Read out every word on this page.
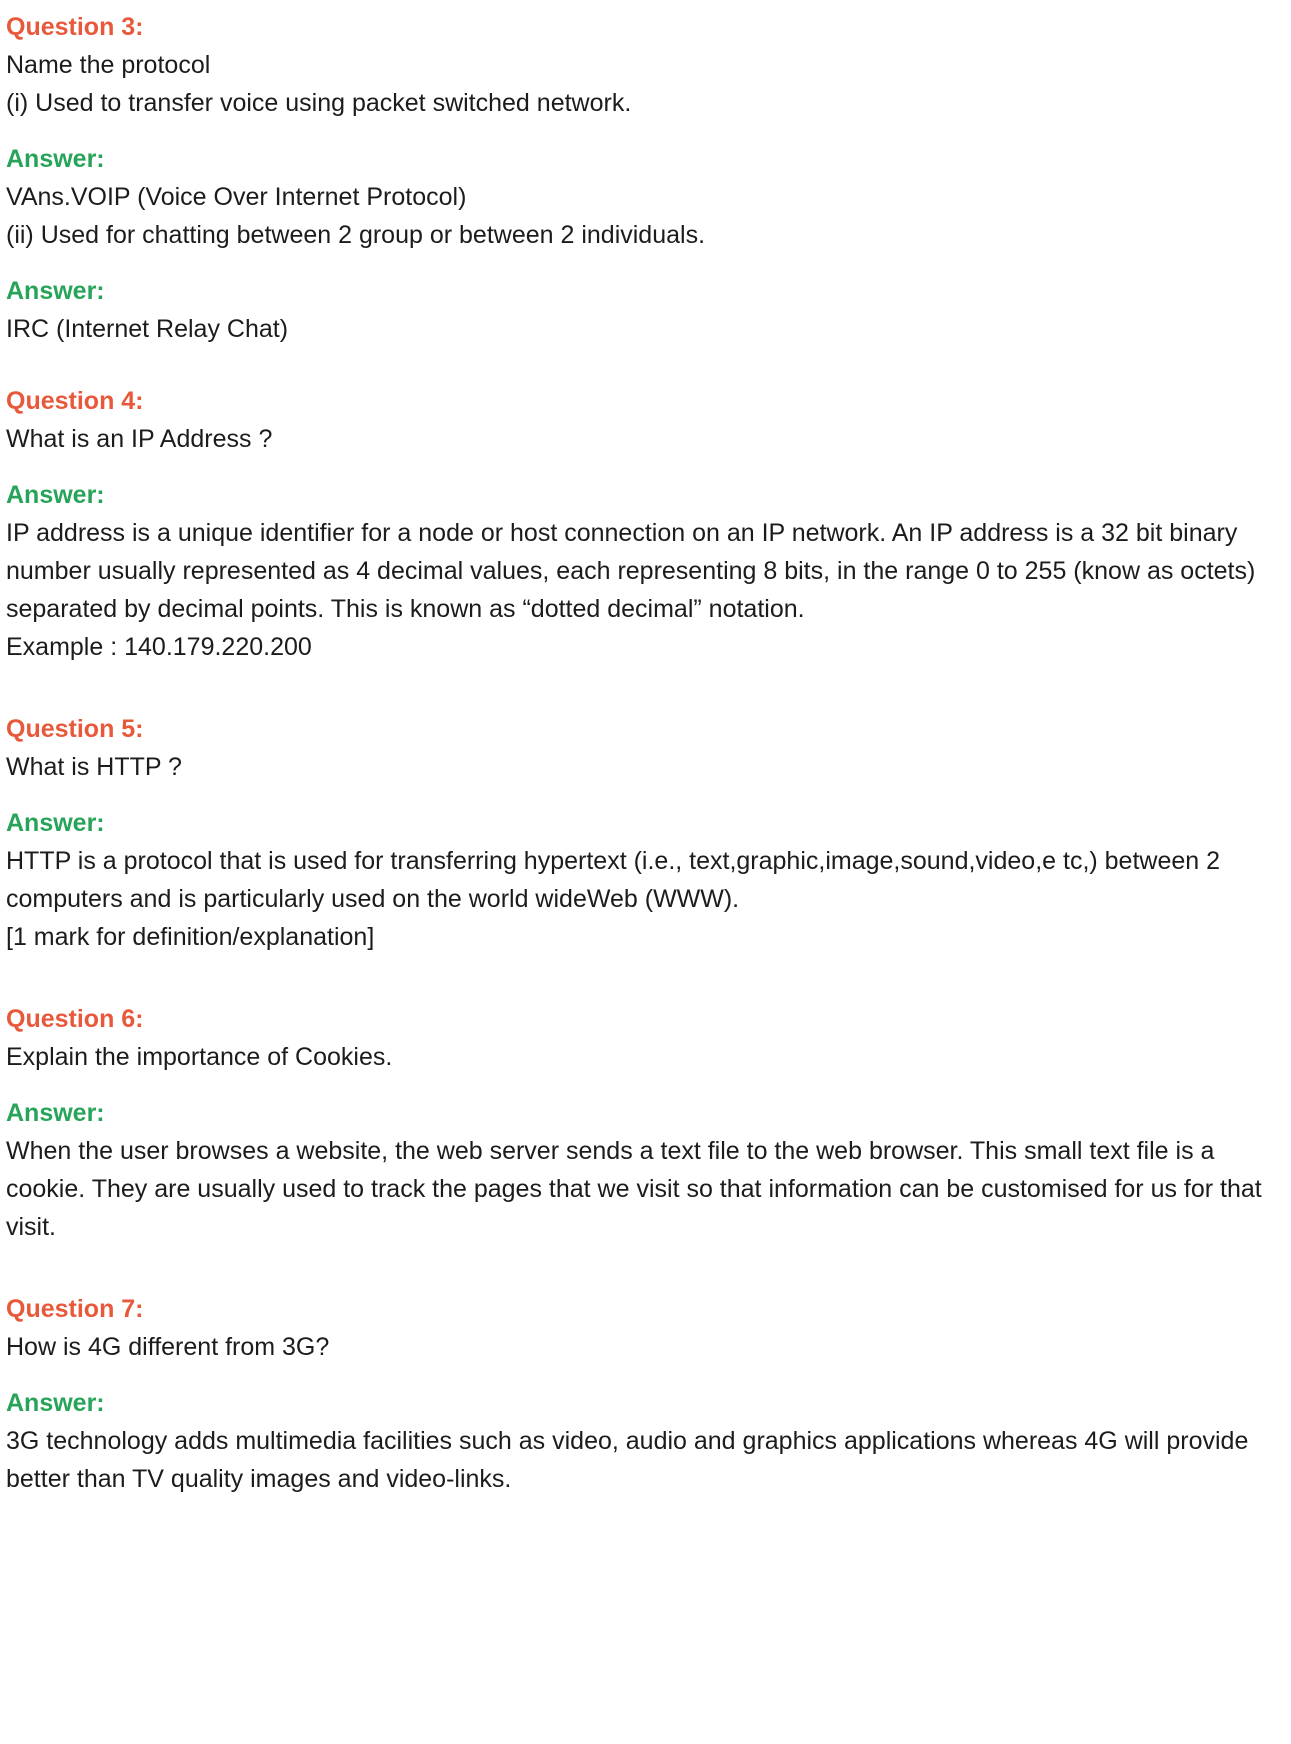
Question 3:

Name the protocol

(i) Used to transfer voice using packet switched network.

Answer:

VAns.VOIP (Voice Over Internet Protocol)

(ii) Used for chatting between 2 group or between 2 individuals.

Answer:

IRC (Internet Relay Chat)

Question 4:

What is an IP Address ?

Answer:

IP address is a unique identifier for a node or host connection on an IP network. An IP address is a 32 bit binary number usually represented as 4 decimal values, each representing 8 bits, in the range 0 to 255 (know as octets) separated by decimal points. This is known as “dotted decimal” notation.

Example : 140.179.220.200

Question 5:

What is HTTP ?

Answer:

HTTP is a protocol that is used for transferring hypertext (i.e., text,graphic,image,sound,video,e tc,) between 2 computers and is particularly used on the world wideWeb (WWW).

[1 mark for definition/explanation]

Question 6:

Explain the importance of Cookies.

Answer:

When the user browses a website, the web server sends a text file to the web browser. This small text file is a cookie. They are usually used to track the pages that we visit so that information can be customised for us for that visit.

Question 7:

How is 4G different from 3G?

Answer:

3G technology adds multimedia facilities such as video, audio and graphics applications whereas 4G will provide better than TV quality images and video-links.
